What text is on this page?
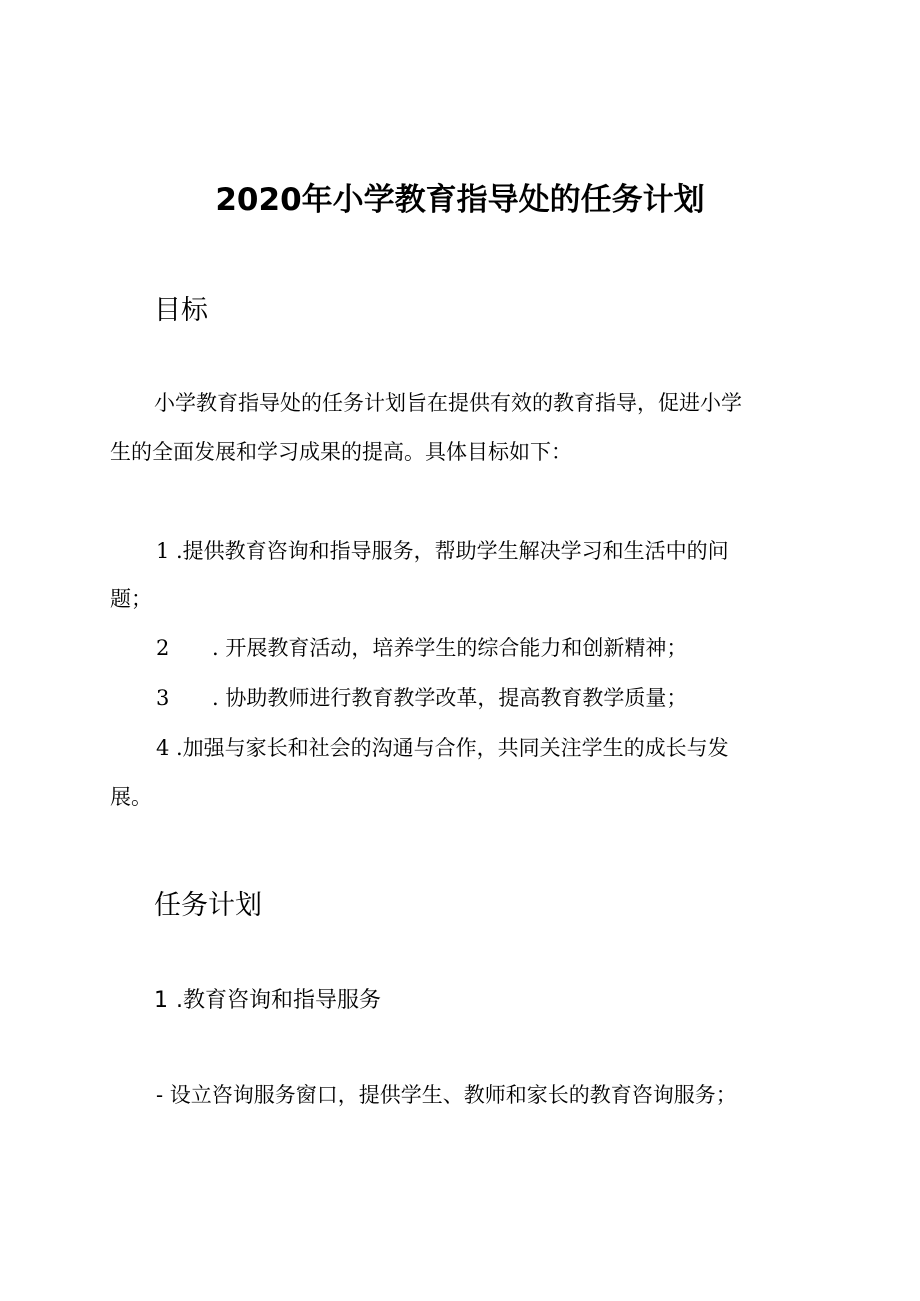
2020年小学教育指导处的任务计划
目标
小学教育指导处的任务计划旨在提供有效的教育指导，促进小学
生的全面发展和学习成果的提高。具体目标如下：
1 .提供教育咨询和指导服务，帮助学生解决学习和生活中的问
题；
2 . 开展教育活动，培养学生的综合能力和创新精神；
3 . 协助教师进行教育教学改革，提高教育教学质量；
4 .加强与家长和社会的沟通与合作，共同关注学生的成长与发
展。
任务计划
1 .教育咨询和指导服务
- 设立咨询服务窗口，提供学生、教师和家长的教育咨询服务；
